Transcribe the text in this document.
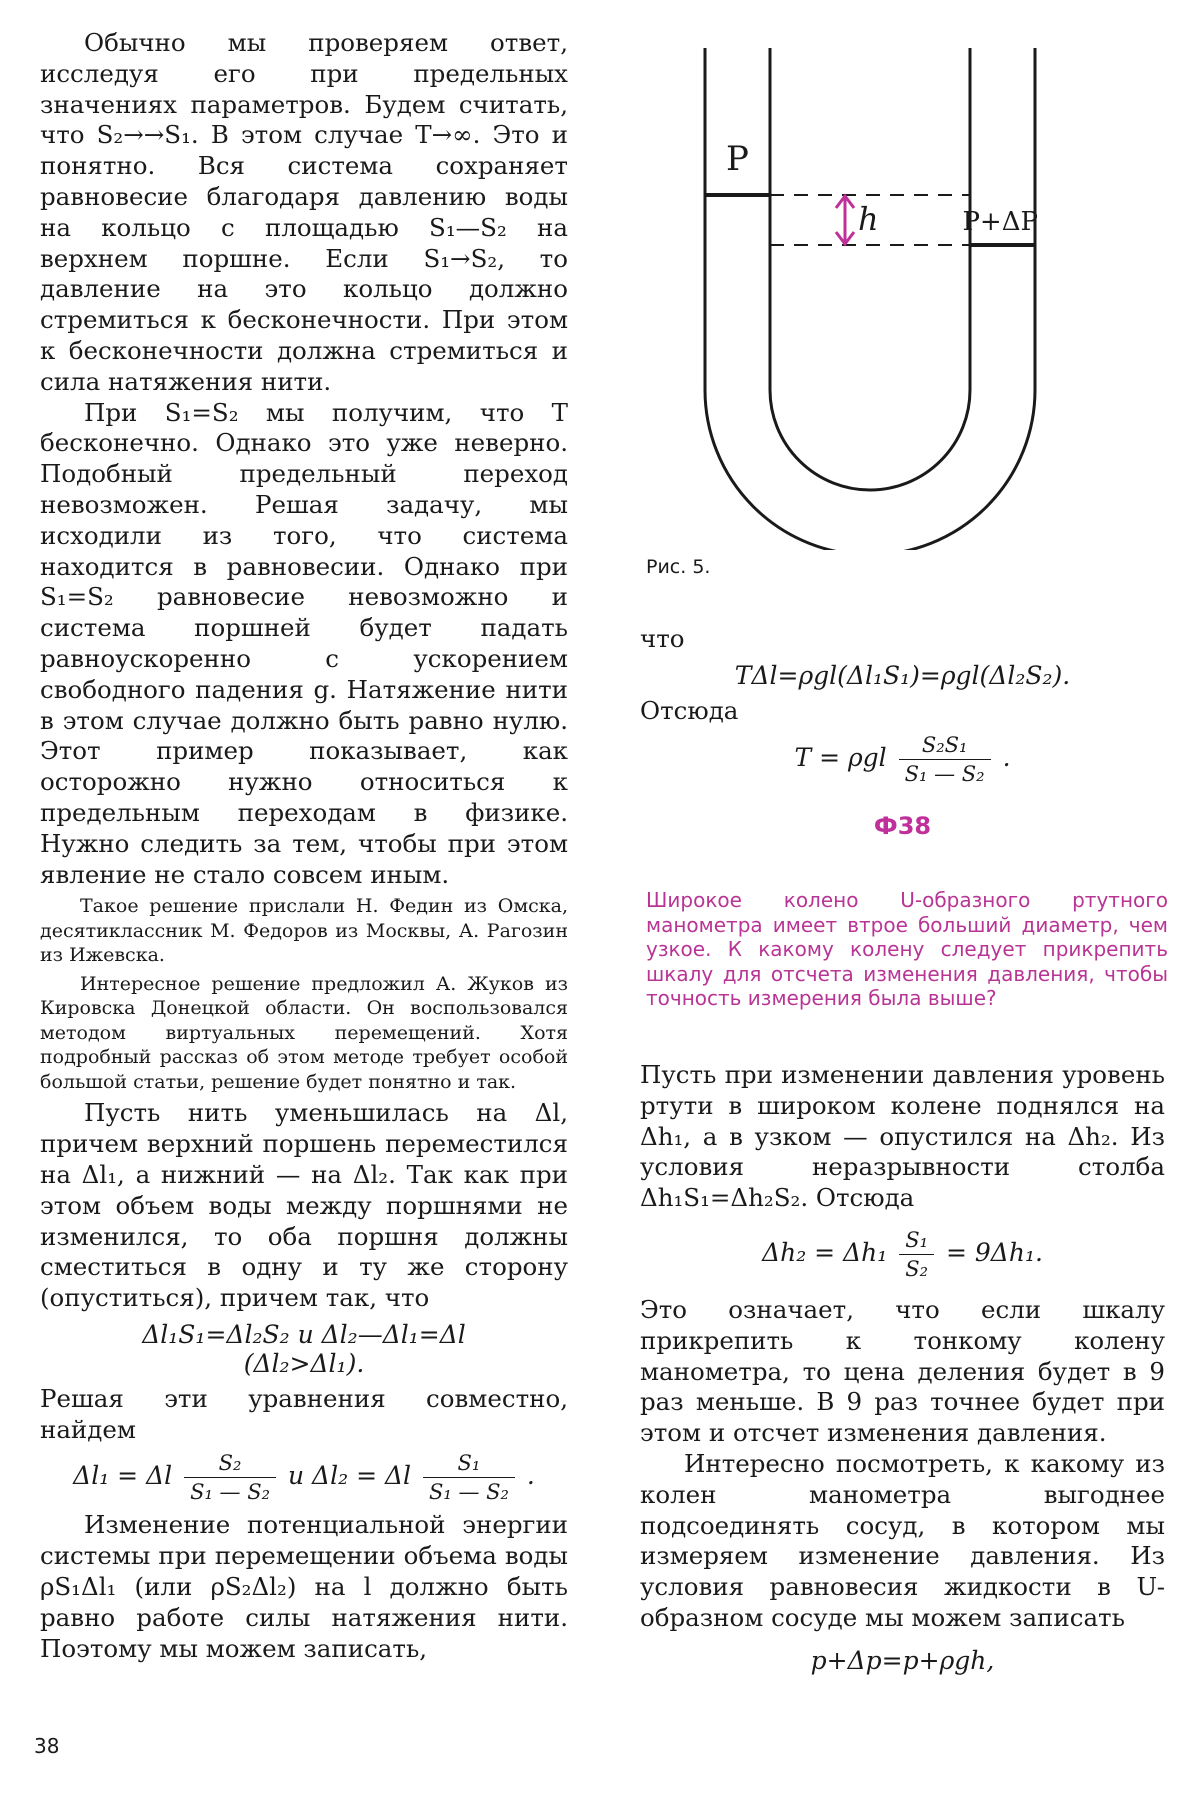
Обычно мы проверяем ответ, исследуя его при предельных значениях параметров. Будем считать, что S₂→→S₁. В этом случае T→∞. Это и понятно. Вся система сохраняет равновесие благодаря давлению воды на кольцо с площадью S₁—S₂ на верхнем поршне. Если S₁→S₂, то давление на это кольцо должно стремиться к бесконечности. При этом к бесконечности должна стремиться и сила натяжения нити.

При S₁=S₂ мы получим, что T бесконечно. Однако это уже неверно. Подобный предельный переход невозможен. Решая задачу, мы исходили из того, что система находится в равновесии. Однако при S₁=S₂ равновесие невозможно и система поршней будет падать равноускоренно с ускорением свободного падения g. Натяжение нити в этом случае должно быть равно нулю. Этот пример показывает, как осторожно нужно относиться к предельным переходам в физике. Нужно следить за тем, чтобы при этом явление не стало совсем иным.

Такое решение прислали Н. Федин из Омска, десятиклассник М. Федоров из Москвы, А. Рагозин из Ижевска.

Интересное решение предложил А. Жуков из Кировска Донецкой области. Он воспользовался методом виртуальных перемещений. Хотя подробный рассказ об этом методе требует особой большой статьи, решение будет понятно и так.

Пусть нить уменьшилась на Δl, причем верхний поршень переместился на Δl₁, а нижний — на Δl₂. Так как при этом объем воды между поршнями не изменился, то оба поршня должны сместиться в одну и ту же сторону (опуститься), причем так, что

Δl₁S₁=Δl₂S₂ и Δl₂—Δl₁=Δl
(Δl₂>Δl₁).

Решая эти уравнения совместно, найдем

Δl₁ = Δl $\frac{\text{S₂}}{\text{S₁ — S₂}}$ и Δl₂ = Δl $\frac{\text{S₁}}{\text{S₁ — S₂}}$ .

Изменение потенциальной энергии системы при перемещении объема воды ρS₁Δl₁ (или ρS₂Δl₂) на l должно быть равно работе силы натяжения нити. Поэтому мы можем записать,

38
P
h	P+ΔP
Рис. 5.

что

TΔl=ρgl(Δl₁S₁)=ρgl(Δl₂S₂).

Отсюда

T = ρgl $\frac{\text{S₂S₁}}{\text{S₁ — S₂}}$ .
Ф38
Широкое колено U-образного ртутного манометра имеет втрое больший диаметр, чем узкое. К какому колену следует прикрепить шкалу для отсчета изменения давления, чтобы точность измерения была выше?

Пусть при изменении давления уровень ртути в широком колене поднялся на Δh₁, а в узком — опустился на Δh₂. Из условия неразрывности столба Δh₁S₁=Δh₂S₂. Отсюда

$\Delta h_2 = \Delta h_1 \frac{\text{S₁}}{\text{S₂}} = 9\Delta h_1$.

Это означает, что если шкалу прикрепить к тонкому колену манометра, то цена деления будет в 9 раз меньше. В 9 раз точнее будет при этом и отсчет изменения давления.

Интересно посмотреть, к какому из колен манометра выгоднее подсоединять сосуд, в котором мы измеряем изменение давления. Из условия равновесия жидкости в U-образном сосуде мы можем записать

p+Δp=p+ρgh,
